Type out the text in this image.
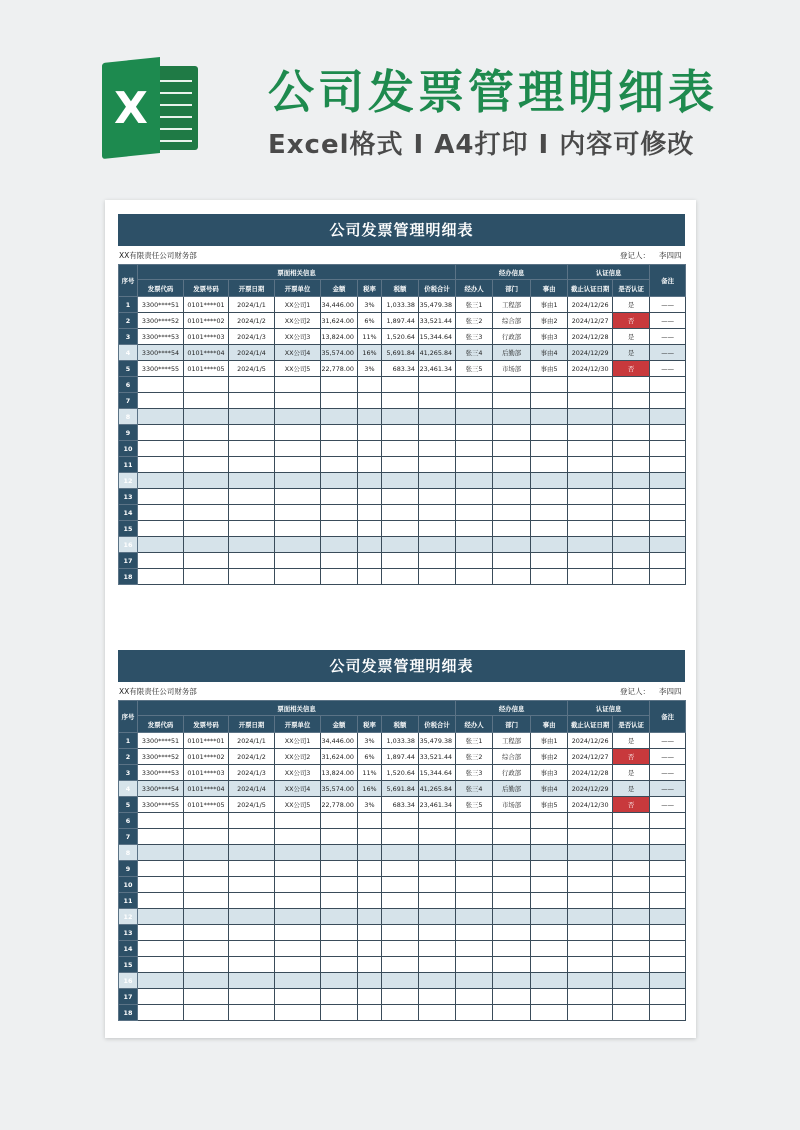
X	公司发票管理明细表
Excel格式 I A4打印 I 内容可修改
公司发票管理明细表
XX有限责任公司财务部	登记人： 李四四
序号	票面相关信息								经办信息			认证信息		备注
	发票代码	发票号码	开票日期	开票单位	金额	税率	税额	价税合计	经办人	部门	事由	截止认证日期	是否认证	
1	3300****51	0101****01	2024/1/1	XX公司1	34,446.00	3%	1,033.38	35,479.38	张三1	工程部	事由1	2024/12/26	是	——
2	3300****52	0101****02	2024/1/2	XX公司2	31,624.00	6%	1,897.44	33,521.44	张三2	综合部	事由2	2024/12/27	否	——
3	3300****53	0101****03	2024/1/3	XX公司3	13,824.00	11%	1,520.64	15,344.64	张三3	行政部	事由3	2024/12/28	是	——
4	3300****54	0101****04	2024/1/4	XX公司4	35,574.00	16%	5,691.84	41,265.84	张三4	后勤部	事由4	2024/12/29	是	——
5	3300****55	0101****05	2024/1/5	XX公司5	22,778.00	3%	683.34	23,461.34	张三5	市场部	事由5	2024/12/30	否	——
6														
7														
8														
9														
10														
11														
12														
13														
14														
15														
16														
17														
18														
公司发票管理明细表
XX有限责任公司财务部	登记人： 李四四
序号	票面相关信息								经办信息			认证信息		备注
	发票代码	发票号码	开票日期	开票单位	金额	税率	税额	价税合计	经办人	部门	事由	截止认证日期	是否认证	
1	3300****51	0101****01	2024/1/1	XX公司1	34,446.00	3%	1,033.38	35,479.38	张三1	工程部	事由1	2024/12/26	是	——
2	3300****52	0101****02	2024/1/2	XX公司2	31,624.00	6%	1,897.44	33,521.44	张三2	综合部	事由2	2024/12/27	否	——
3	3300****53	0101****03	2024/1/3	XX公司3	13,824.00	11%	1,520.64	15,344.64	张三3	行政部	事由3	2024/12/28	是	——
4	3300****54	0101****04	2024/1/4	XX公司4	35,574.00	16%	5,691.84	41,265.84	张三4	后勤部	事由4	2024/12/29	是	——
5	3300****55	0101****05	2024/1/5	XX公司5	22,778.00	3%	683.34	23,461.34	张三5	市场部	事由5	2024/12/30	否	——
6														
7														
8														
9														
10														
11														
12														
13														
14														
15														
16														
17														
18														
